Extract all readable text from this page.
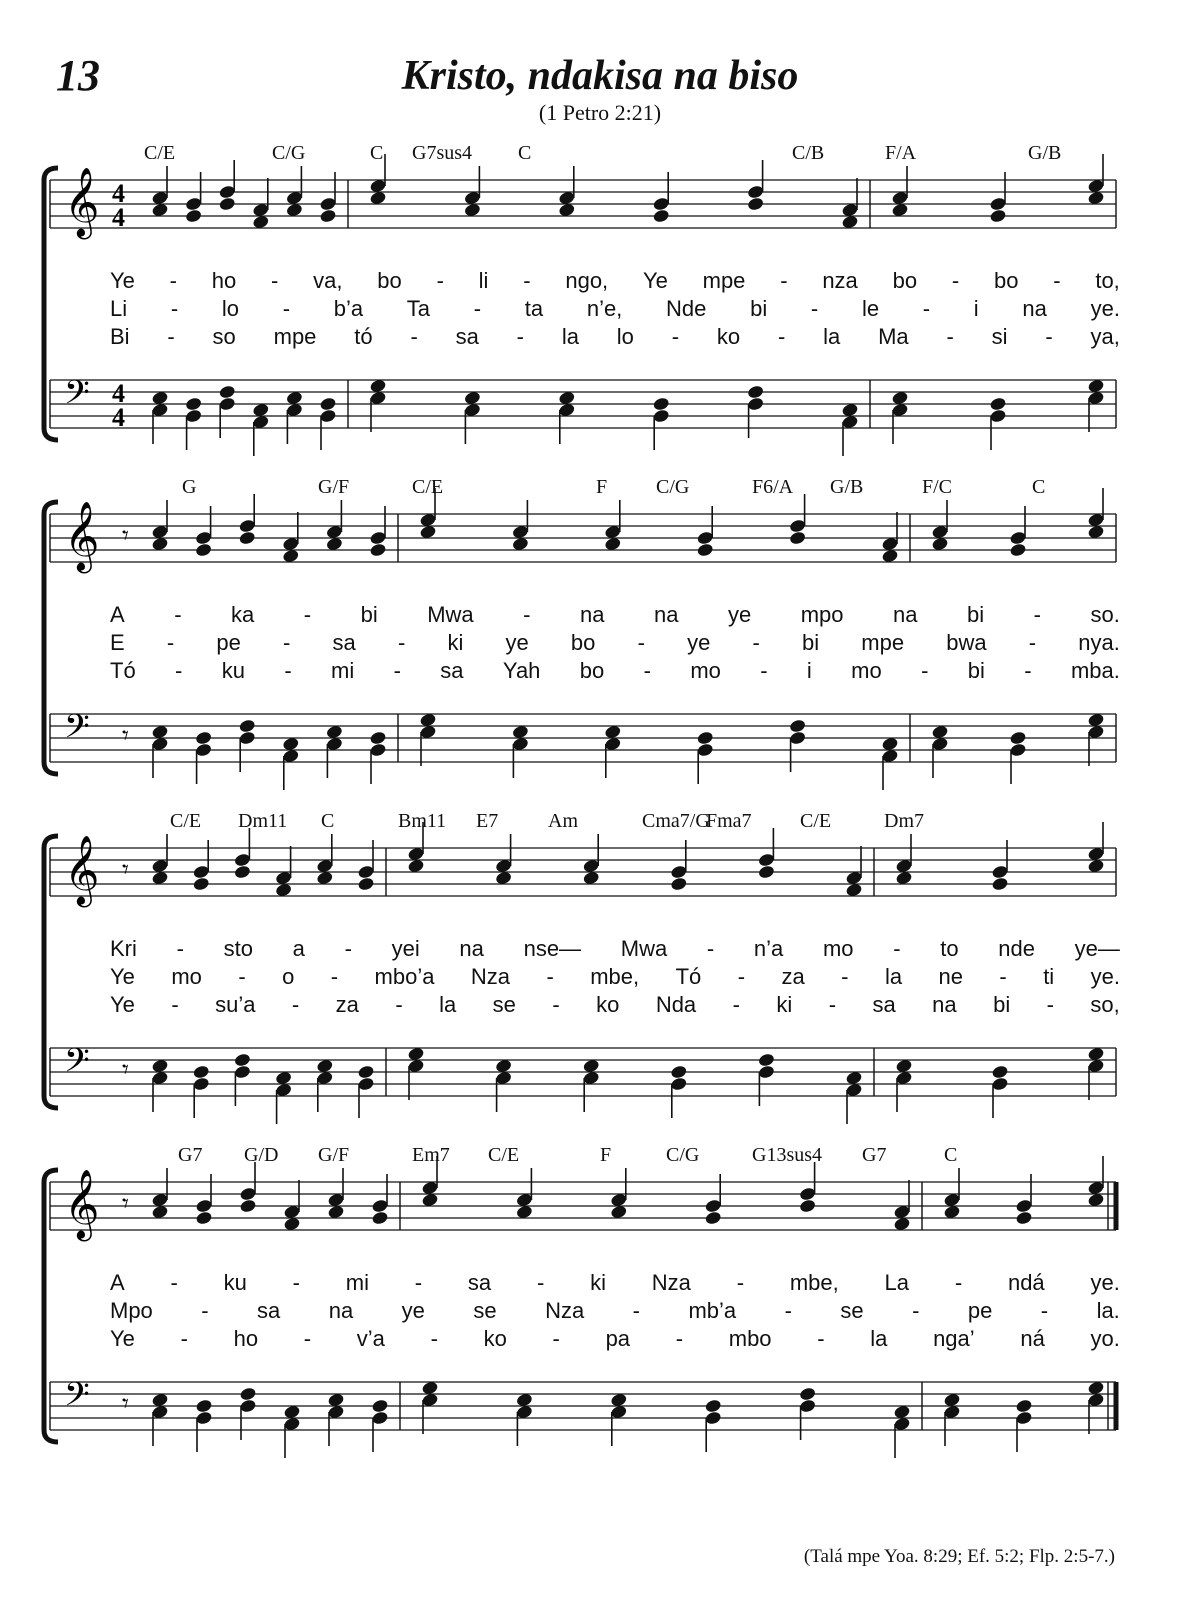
13	Kristo, ndakisa na biso
(1 Petro 2:21)
𝄞 4
4
𝄢 4
4
C/E	C/G	C G7sus4 C	C/B	F/A	G/B
Ye - ho - va, bo - li - ngo, Ye mpe - nza bo - bo - to,
Li - lo - b’a Ta - ta n’e, Nde bi - le - i na ye.
Bi - so mpe tó - sa - la lo - ko - la Ma - si - ya,
𝄞 𝄾
𝄢 𝄾
G	G/F	C/E	F C/G	F6/A G/B	F/C	C
A - ka - bi Mwa - na na ye mpo na bi - so.
E - pe - sa - ki ye bo - ye - bi mpe bwa - nya.
Tó - ku - mi - sa Yah bo - mo - i mo - bi - mba.
𝄞 𝄾
𝄢 𝄾
C/E Dm11 C	Bm11 E7 Am	Cma7/G
Fma7 C/E	Dm7
Kri - sto a - yei na nse— Mwa - n’a mo - to nde ye—
Ye mo - o - mbo’a Nza - mbe, Tó - za - la ne - ti ye.
Ye - su’a - za - la se - ko Nda - ki - sa na bi - so,
𝄞 𝄾
𝄢 𝄾
G7 G/D G/F	Em7 C/E	F	C/G	G13sus4 G7	C
A - ku - mi - sa - ki Nza - mbe, La - ndá ye.
Mpo - sa na ye se Nza - mb’a - se - pe - la.
Ye - ho - v’a - ko - pa - mbo - la nga’ ná yo.
(Talá mpe Yoa. 8:29; Ef. 5:2; Flp. 2:5-7.)
